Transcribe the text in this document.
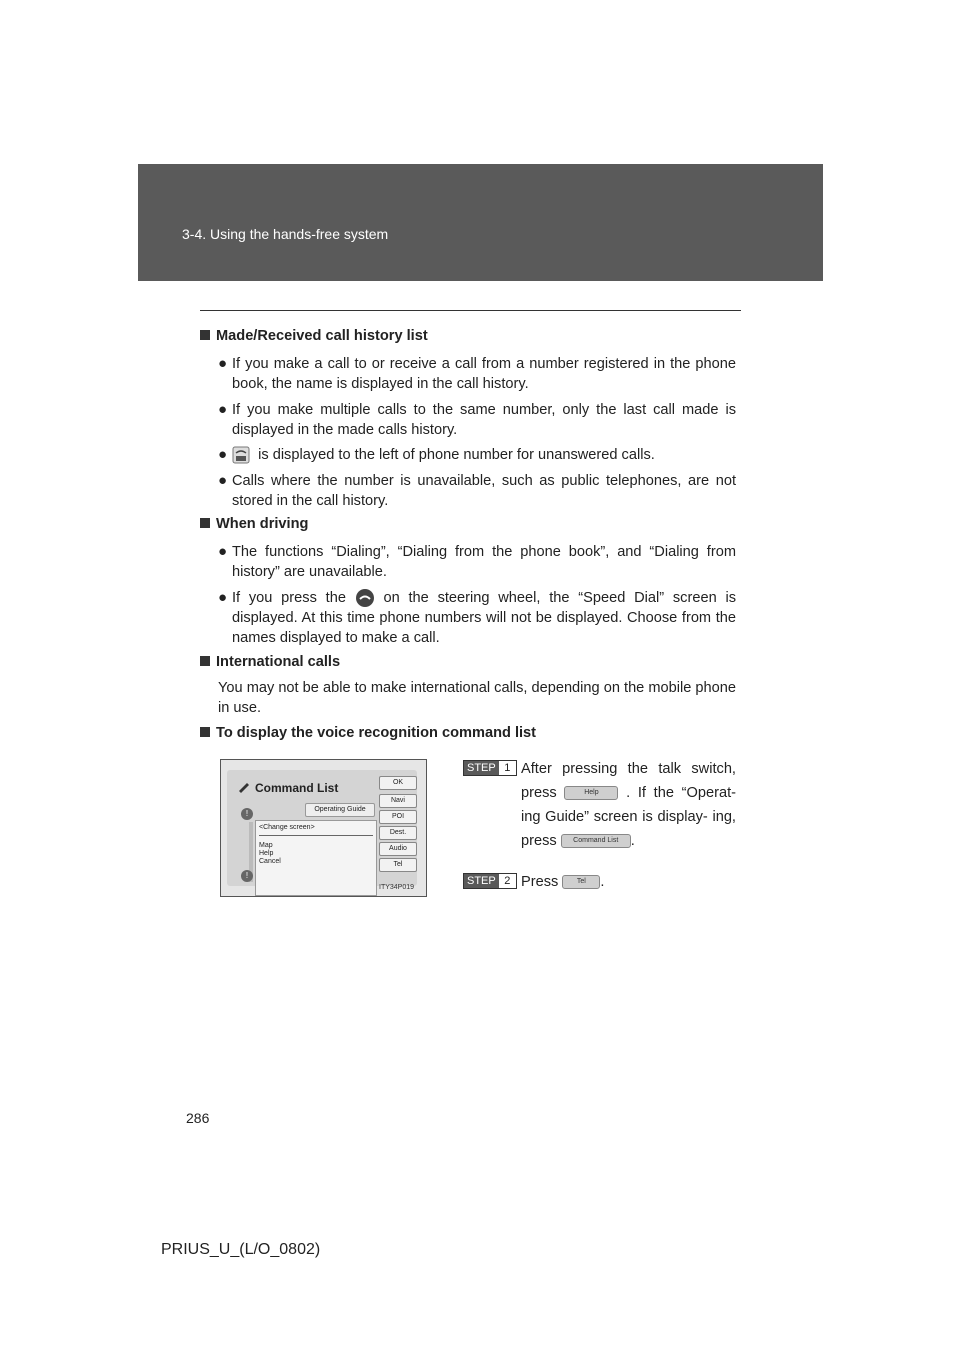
3-4. Using the hands-free system
Made/Received call history list
● If you make a call to or receive a call from a number registered in the phone book, the name is displayed in the call history.
● If you make multiple calls to the same number, only the last call made is displayed in the made calls history.
●	is displayed to the left of phone number for unanswered calls.
● Calls where the number is unavailable, such as public telephones, are not stored in the call history.
When driving
● The functions “Dialing”, “Dialing from the phone book”, and “Dialing from history” are unavailable.
● If you press the	on the steering wheel, the “Speed Dial” screen is displayed. At this time phone numbers will not be displayed. Choose from the names displayed to make a call.
International calls
You may not be able to make international calls, depending on the mobile phone in use.
To display the voice recognition command list
Command List
Operating Guide
OK
Navi
POI
Dest.
Audio
Tel
!
!
<Change screen>
Map
Help
Cancel
ITY34P019
STEP 1 After pressing the talk switch, press	Help . If the “Operat- ing Guide” screen is display- ing, press Command List .
STEP 2 Press	Tel .
286
PRIUS_U_(L/O_0802)
